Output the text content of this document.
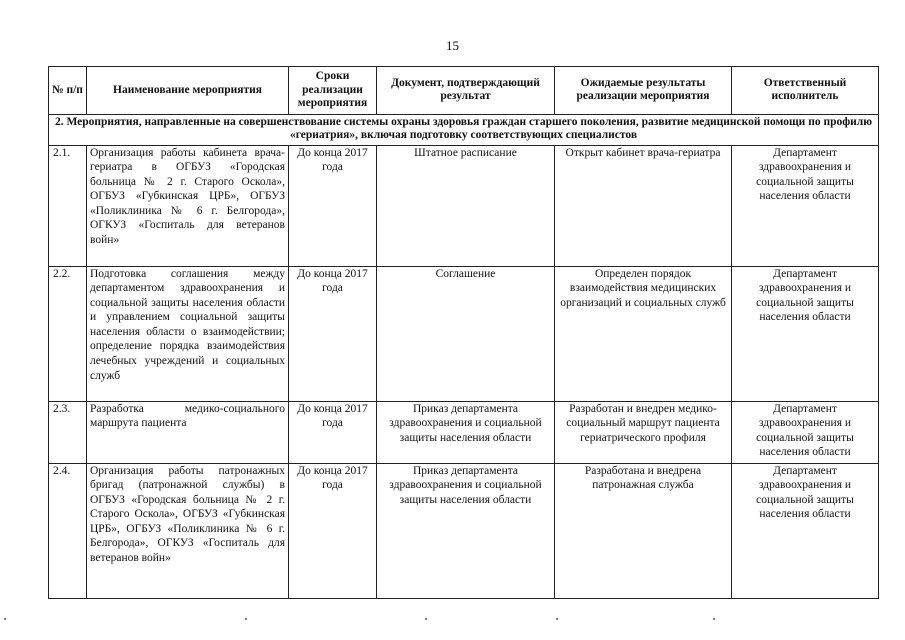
15
№ п/п	Наименование мероприятия	Сроки реализации мероприятия	Документ, подтверждающий результат	Ожидаемые результаты реализации мероприятия	Ответственный исполнитель
2. Мероприятия, направленные на совершенствование системы охраны здоровья граждан старшего поколения, развитие медицинской помощи по профилю «гериатрия», включая подготовку соответствующих специалистов					
2.1.	Организация работы кабинета врача-гериатра в ОГБУЗ «Городская больница № 2 г. Старого Оскола», ОГБУЗ «Губкинская ЦРБ», ОГБУЗ «Поликлиника № 6 г. Белгорода», ОГКУЗ «Госпиталь для ветеранов войн»	До конца 2017 года	Штатное расписание	Открыт кабинет врача-гериатра	Департамент здравоохранения и социальной защиты населения области
2.2.	Подготовка соглашения между департаментом здравоохранения и социальной защиты населения области и управлением социальной защиты населения области о взаимодействии; определение порядка взаимодействия лечебных учреждений и социальных служб	До конца 2017 года	Соглашение	Определен порядок взаимодействия медицинских организаций и социальных служб	Департамент здравоохранения и социальной защиты населения области
2.3.	Разработка медико-социального маршрута пациента	До конца 2017 года	Приказ департамента здравоохранения и социальной защиты населения области	Разработан и внедрен медико-социальный маршрут пациента гериатрического профиля	Департамент здравоохранения и социальной защиты населения области
2.4.	Организация работы патронажных бригад (патронажной службы) в ОГБУЗ «Городская больница № 2 г. Старого Оскола», ОГБУЗ «Губкинская ЦРБ», ОГБУЗ «Поликлиника № 6 г. Белгорода», ОГКУЗ «Госпиталь для ветеранов войн»	До конца 2017 года	Приказ департамента здравоохранения и социальной защиты населения области	Разработана и внедрена патронажная служба	Департамент здравоохранения и социальной защиты населения области
